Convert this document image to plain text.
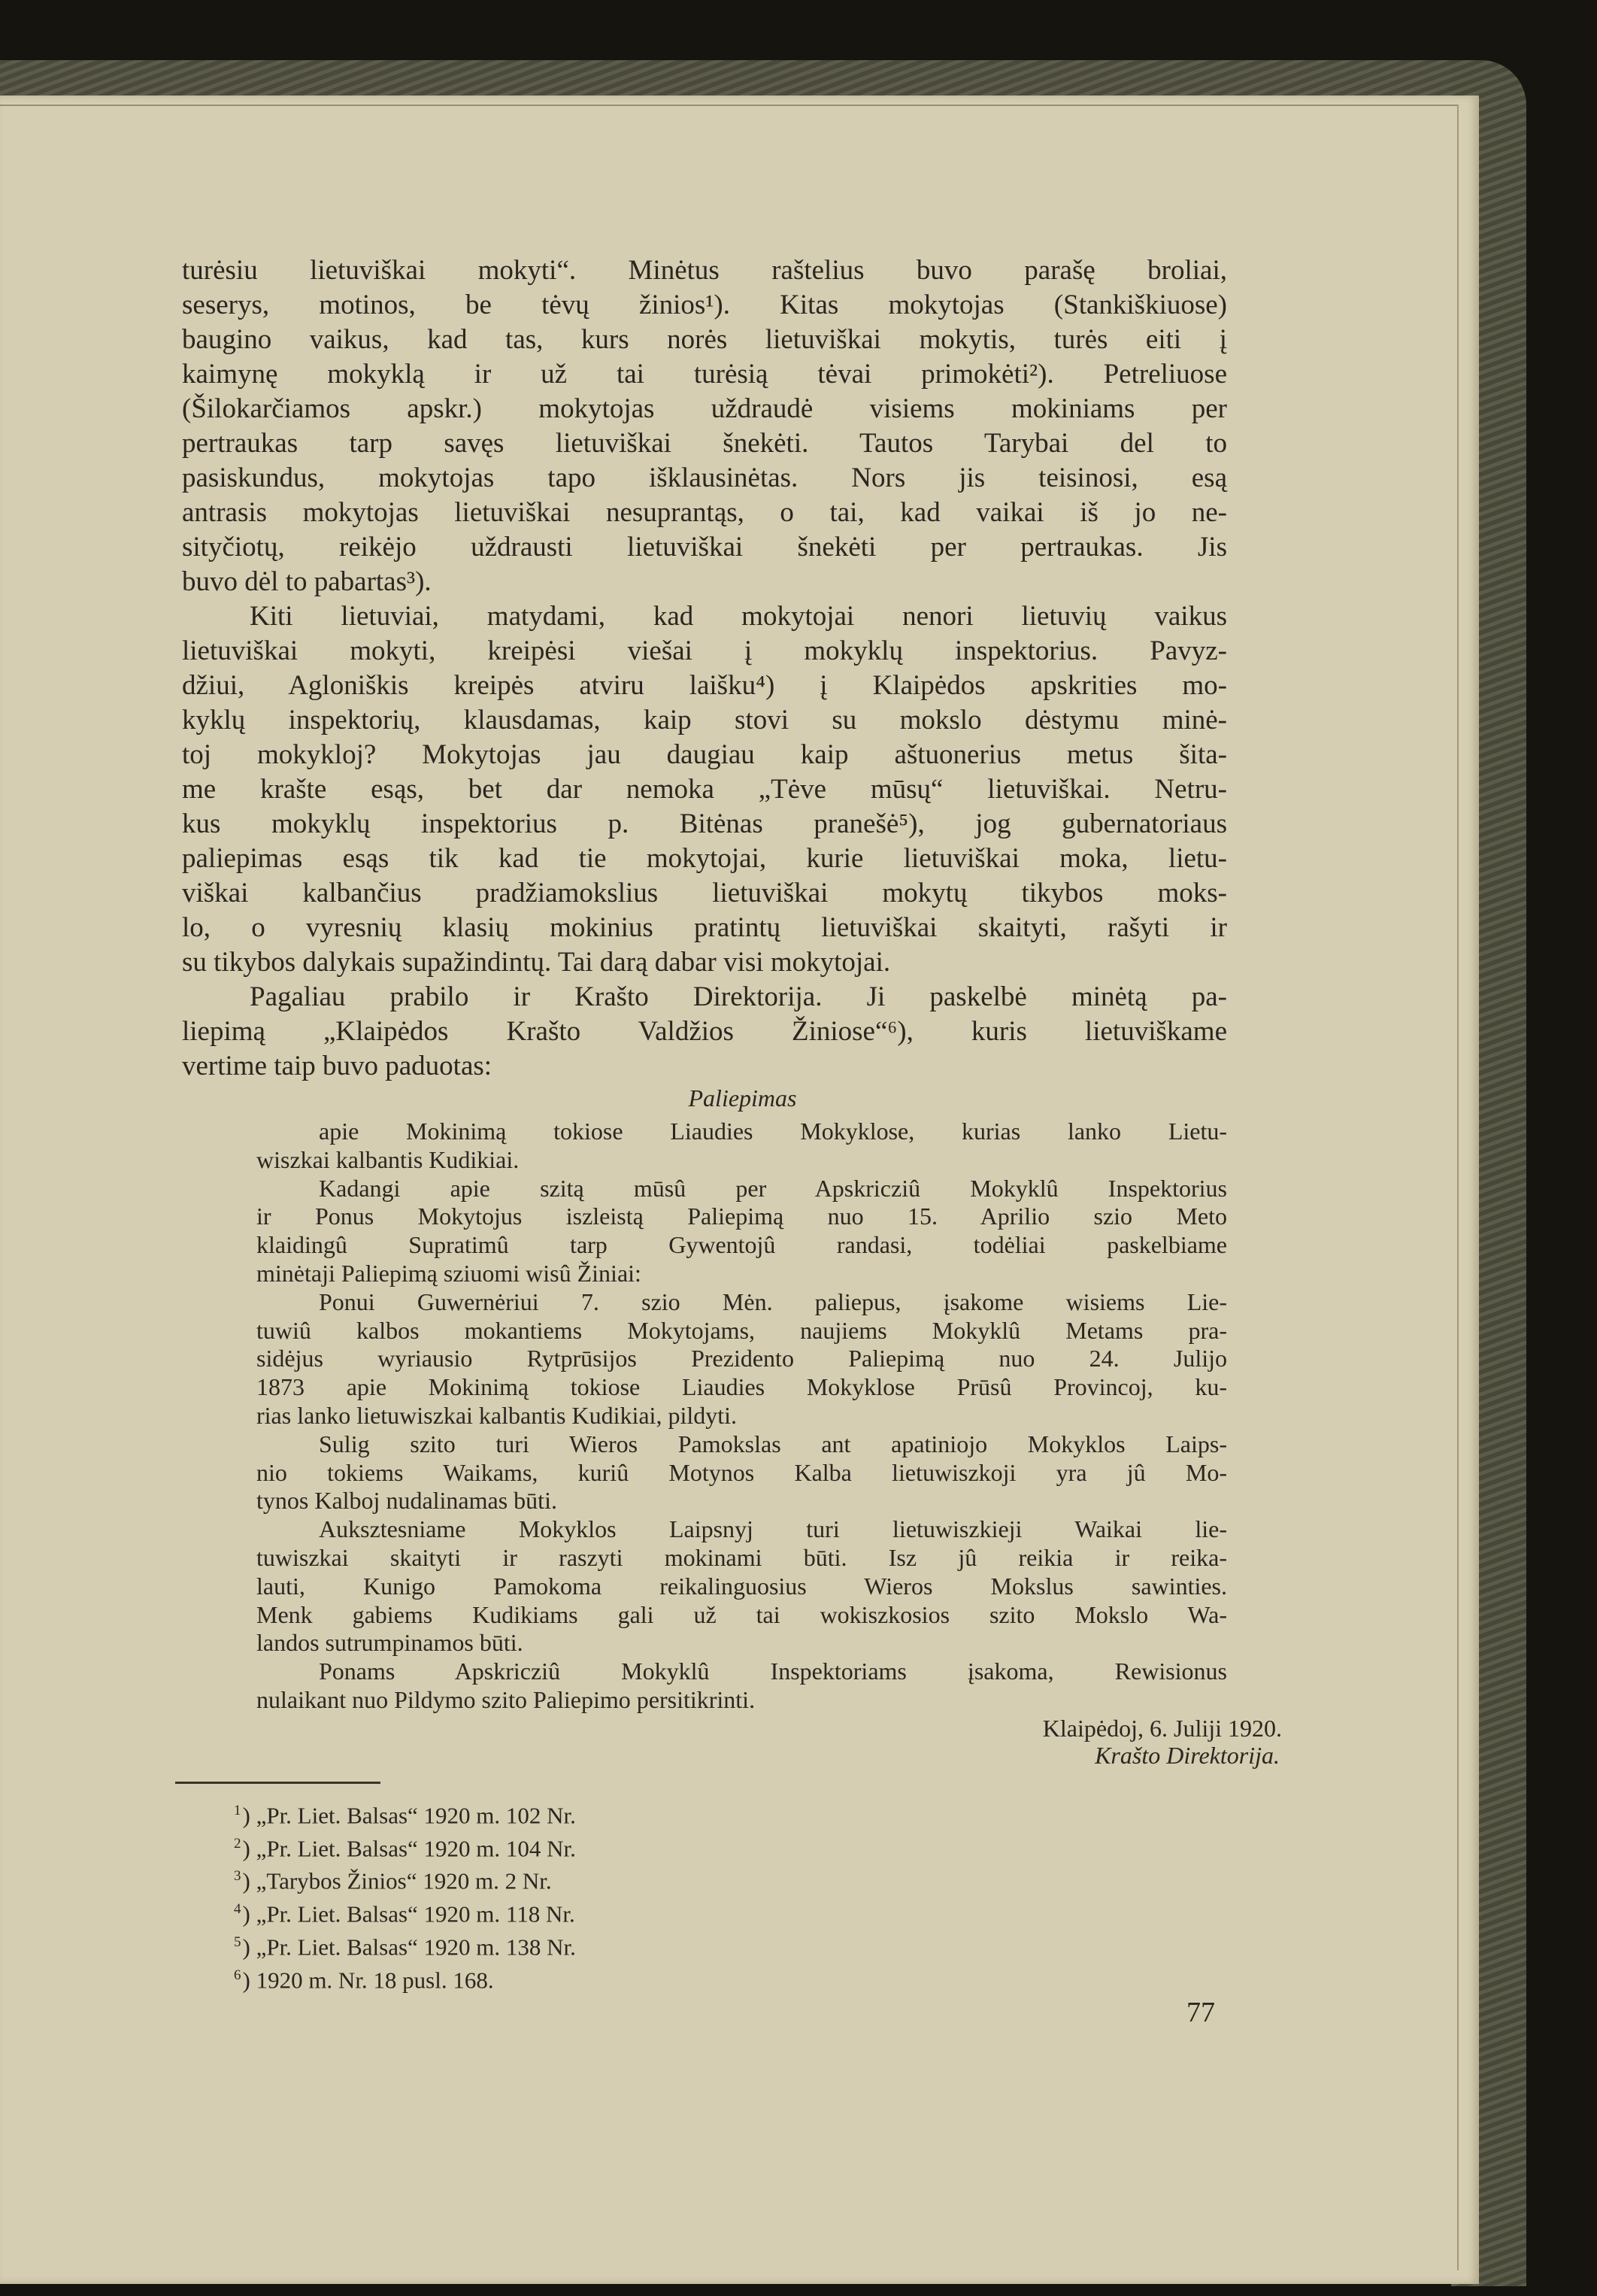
turėsiu lietuviškai mokyti“. Minėtus raštelius buvo parašę broliai,
seserys, motinos, be tėvų žinios¹). Kitas mokytojas (Stankiškiuose)
baugino vaikus, kad tas, kurs norės lietuviškai mokytis, turės eiti į
kaimynę mokyklą ir už tai turėsią tėvai primokėti²). Petreliuose
(Šilokarčiamos apskr.) mokytojas uždraudė visiems mokiniams per
pertraukas tarp savęs lietuviškai šnekėti. Tautos Tarybai del to
pasiskundus, mokytojas tapo išklausinėtas. Nors jis teisinosi, esą
antrasis mokytojas lietuviškai nesuprantąs, o tai, kad vaikai iš jo ne-
sityčiotų, reikėjo uždrausti lietuviškai šnekėti per pertraukas. Jis
buvo dėl to pabartas³).
Kiti lietuviai, matydami, kad mokytojai nenori lietuvių vaikus
lietuviškai mokyti, kreipėsi viešai į mokyklų inspektorius. Pavyz-
džiui, Agloniškis kreipės atviru laišku⁴) į Klaipėdos apskrities mo-
kyklų inspektorių, klausdamas, kaip stovi su mokslo dėstymu minė-
toj mokykloj? Mokytojas jau daugiau kaip aštuonerius metus šita-
me krašte esąs, bet dar nemoka „Tėve mūsų“ lietuviškai. Netru-
kus mokyklų inspektorius p. Bitėnas pranešė⁵), jog gubernatoriaus
paliepimas esąs tik kad tie mokytojai, kurie lietuviškai moka, lietu-
viškai kalbančius pradžiamokslius lietuviškai mokytų tikybos moks-
lo, o vyresnių klasių mokinius pratintų lietuviškai skaityti, rašyti ir
su tikybos dalykais supažindintų. Tai darą dabar visi mokytojai.
Pagaliau prabilo ir Krašto Direktorija. Ji paskelbė minėtą pa-
liepimą „Klaipėdos Krašto Valdžios Žiniose“⁶), kuris lietuviškame
vertime taip buvo paduotas:
Paliepimas
apie Mokinimą tokiose Liaudies Mokyklose, kurias lanko Lietu-
wiszkai kalbantis Kudikiai.
Kadangi apie szitą mūsû per Apskricziû Mokyklû Inspektorius
ir Ponus Mokytojus iszleistą Paliepimą nuo 15. Aprilio szio Meto
klaidingû Supratimû tarp Gywentojû randasi, todėliai paskelbiame
minėtaji Paliepimą sziuomi wisû Žiniai:
Ponui Guwernėriui 7. szio Mėn. paliepus, įsakome wisiems Lie-
tuwiû kalbos mokantiems Mokytojams, naujiems Mokyklû Metams pra-
sidėjus wyriausio Rytprūsijos Prezidento Paliepimą nuo 24. Julijo
1873 apie Mokinimą tokiose Liaudies Mokyklose Prūsû Provincoj, ku-
rias lanko lietuwiszkai kalbantis Kudikiai, pildyti.
Sulig szito turi Wieros Pamokslas ant apatiniojo Mokyklos Laips-
nio tokiems Waikams, kuriû Motynos Kalba lietuwiszkoji yra jû Mo-
tynos Kalboj nudalinamas būti.
Auksztesniame Mokyklos Laipsnyj turi lietuwiszkieji Waikai lie-
tuwiszkai skaityti ir raszyti mokinami būti. Isz jû reikia ir reika-
lauti, Kunigo Pamokoma reikalinguosius Wieros Mokslus sawinties.
Menk gabiems Kudikiams gali už tai wokiszkosios szito Mokslo Wa-
landos sutrumpinamos būti.
Ponams Apskricziû Mokyklû Inspektoriams įsakoma, Rewisionus
nulaikant nuo Pildymo szito Paliepimo persitikrinti.
Klaipėdoj, 6. Juliji 1920.
Krašto Direktorija.
$^1$) „Pr. Liet. Balsas“ 1920 m. 102 Nr.
$^2$) „Pr. Liet. Balsas“ 1920 m. 104 Nr.
$^3$) „Tarybos Žinios“ 1920 m. 2 Nr.
$^4$) „Pr. Liet. Balsas“ 1920 m. 118 Nr.
$^5$) „Pr. Liet. Balsas“ 1920 m. 138 Nr.
$^6$) 1920 m. Nr. 18 pusl. 168.
77
